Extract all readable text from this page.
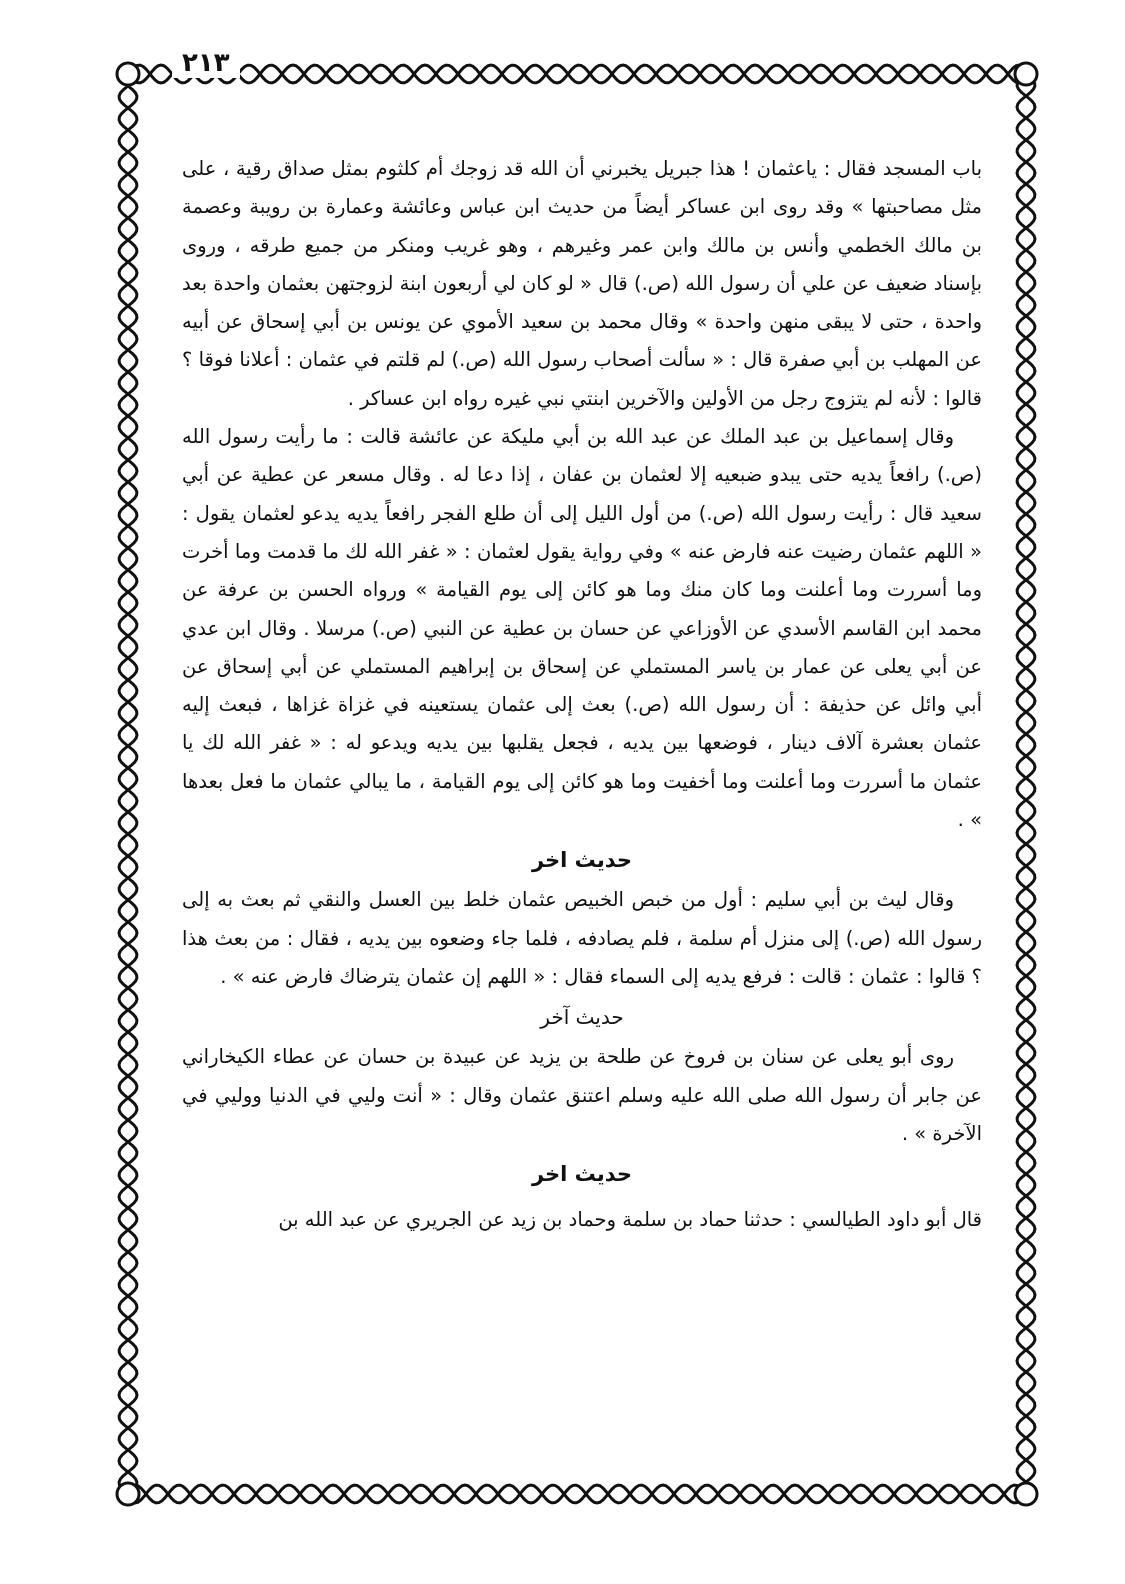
٢١٣

باب المسجد فقال : ياعثمان ! هذا جبريل يخبرني أن الله قد زوجك أم كلثوم بمثل صداق رقية ، على مثل مصاحبتها » وقد روى ابن عساكر أيضاً من حديث ابن عباس وعائشة وعمارة بن رويبة وعصمة بن مالك الخطمي وأنس بن مالك وابن عمر وغيرهم ، وهو غريب ومنكر من جميع طرقه ، وروى بإسناد ضعيف عن علي أن رسول الله (ص.) قال « لو كان لي أربعون ابنة لزوجتهن بعثمان واحدة بعد واحدة ، حتى لا يبقى منهن واحدة » وقال محمد بن سعيد الأموي عن يونس بن أبي إسحاق عن أبيه عن المهلب بن أبي صفرة قال : « سألت أصحاب رسول الله (ص.) لم قلتم في عثمان : أعلانا فوقا ؟ قالوا : لأنه لم يتزوج رجل من الأولين والآخرين ابنتي نبي غيره رواه ابن عساكر .

وقال إسماعيل بن عبد الملك عن عبد الله بن أبي مليكة عن عائشة قالت : ما رأيت رسول الله (ص.) رافعاً يديه حتى يبدو ضبعيه إلا لعثمان بن عفان ، إذا دعا له . وقال مسعر عن عطية عن أبي سعيد قال : رأيت رسول الله (ص.) من أول الليل إلى أن طلع الفجر رافعاً يديه يدعو لعثمان يقول : « اللهم عثمان رضيت عنه فارض عنه » وفي رواية يقول لعثمان : « غفر الله لك ما قدمت وما أخرت وما أسررت وما أعلنت وما كان منك وما هو كائن إلى يوم القيامة » ورواه الحسن بن عرفة عن محمد ابن القاسم الأسدي عن الأوزاعي عن حسان بن عطية عن النبي (ص.) مرسلا . وقال ابن عدي عن أبي يعلى عن عمار بن ياسر المستملي عن إسحاق بن إبراهيم المستملي عن أبي إسحاق عن أبي وائل عن حذيفة : أن رسول الله (ص.) بعث إلى عثمان يستعينه في غزاة غزاها ، فبعث إليه عثمان بعشرة آلاف دينار ، فوضعها بين يديه ، فجعل يقلبها بين يديه ويدعو له : « غفر الله لك يا عثمان ما أسررت وما أعلنت وما أخفيت وما هو كائن إلى يوم القيامة ، ما يبالي عثمان ما فعل بعدها » .

حديث اخر

وقال ليث بن أبي سليم : أول من خبص الخبيص عثمان خلط بين العسل والنقي ثم بعث به إلى رسول الله (ص.) إلى منزل أم سلمة ، فلم يصادفه ، فلما جاء وضعوه بين يديه ، فقال : من بعث هذا ؟ قالوا : عثمان : قالت : فرفع يديه إلى السماء فقال : « اللهم إن عثمان يترضاك فارض عنه » .

حديث آخر

روى أبو يعلى عن سنان بن فروخ عن طلحة بن يزيد عن عبيدة بن حسان عن عطاء الكيخاراني عن جابر أن رسول الله صلى الله عليه وسلم اعتنق عثمان وقال : « أنت وليي في الدنيا ووليي في الآخرة » .

حديث اخر

قال أبو داود الطيالسي : حدثنا حماد بن سلمة وحماد بن زيد عن الجريري عن عبد الله بن
